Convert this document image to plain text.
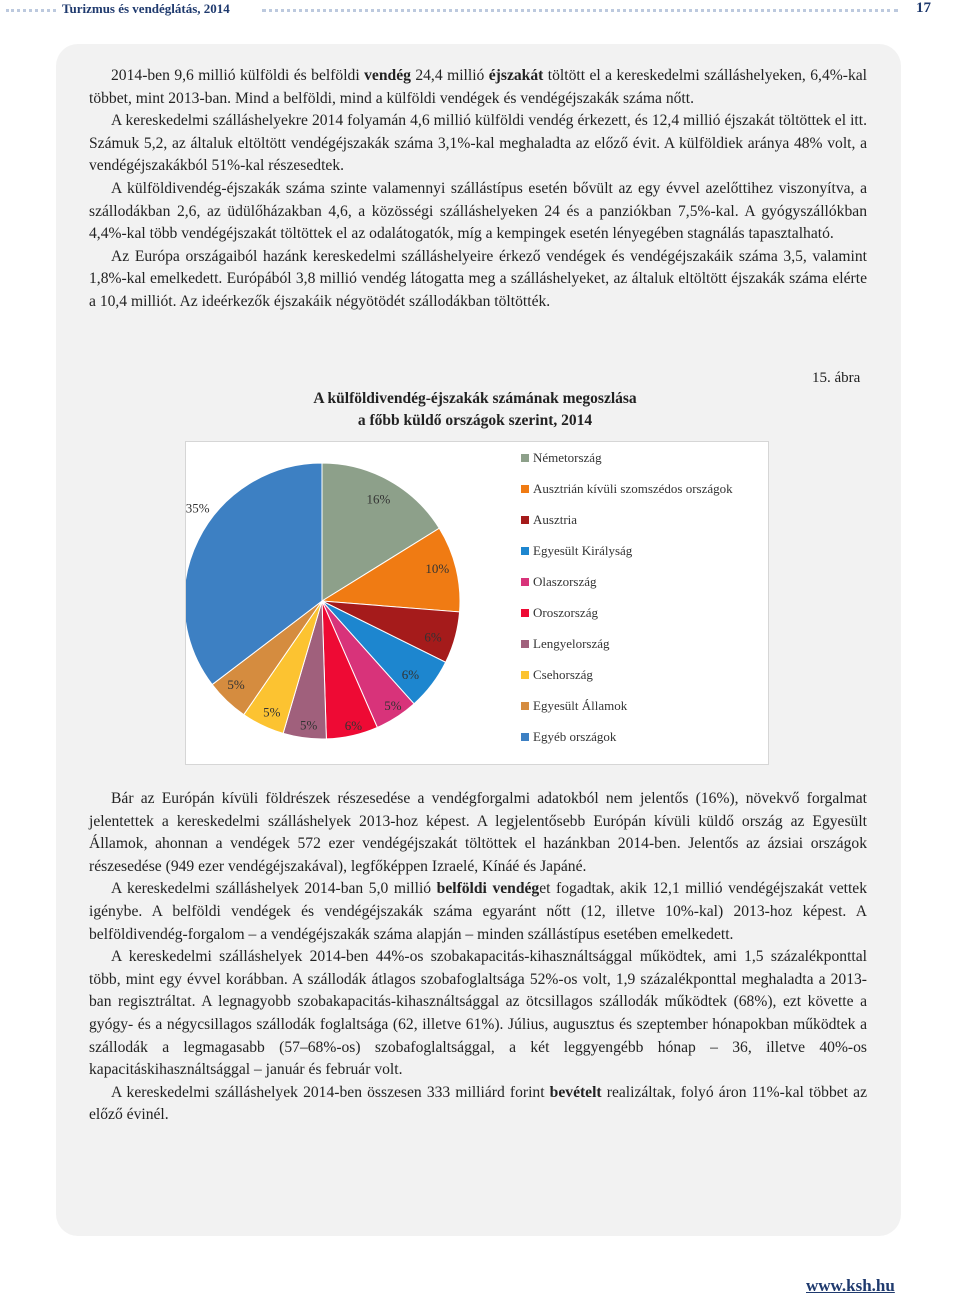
Turizmus és vendéglátás, 2014	17

2014-ben 9,6 millió külföldi és belföldi vendég 24,4 millió éjszakát töltött el a kereskedelmi szálláshelyeken, 6,4%-kal többet, mint 2013-ban. Mind a belföldi, mind a külföldi vendégek és vendégéjszakák száma nőtt.

A kereskedelmi szálláshelyekre 2014 folyamán 4,6 millió külföldi vendég érkezett, és 12,4 millió éjszakát töltöttek el itt. Számuk 5,2, az általuk eltöltött vendégéjszakák száma 3,1%-kal meghaladta az előző évit. A külföldiek aránya 48% volt, a vendégéjszakákból 51%-kal részesedtek.

A külföldivendég-éjszakák száma szinte valamennyi szállástípus esetén bővült az egy évvel azelőttihez viszonyítva, a szállodákban 2,6, az üdülőházakban 4,6, a közösségi szálláshelyeken 24 és a panziókban 7,5%-kal. A gyógyszállókban 4,4%-kal több vendégéjszakát töltöttek el az odalátogatók, míg a kempingek esetén lényegében stagnálás tapasztalható.

Az Európa országaiból hazánk kereskedelmi szálláshelyeire érkező vendégek és vendégéjszakáik száma 3,5, valamint 1,8%-kal emelkedett. Európából 3,8 millió vendég látogatta meg a szálláshelyeket, az általuk eltöltött éjszakák száma elérte a 10,4 milliót. Az ideérkezők éjszakáik négyötödét szállodákban töltötték.

15. ábra
A külföldivendég-éjszakák számának megoszlása
a főbb küldő országok szerint, 2014
16%
10%
6%
6%
5%
6%
5%
5%
5%
35%
Németország
Ausztrián kívüli szomszédos országok
Ausztria
Egyesült Királyság
Olaszország
Oroszország
Lengyelország
Csehország
Egyesült Államok
Egyéb országok

Bár az Európán kívüli földrészek részesedése a vendégforgalmi adatokból nem jelentős (16%), növekvő forgalmat jelentettek a kereskedelmi szálláshelyek 2013-hoz képest. A legjelentősebb Európán kívüli küldő ország az Egyesült Államok, ahonnan a vendégek 572 ezer vendégéjszakát töltöttek el hazánkban 2014-ben. Jelentős az ázsiai országok részesedése (949 ezer vendégéjszakával), legfőképpen Izraelé, Kínáé és Japáné.

A kereskedelmi szálláshelyek 2014-ban 5,0 millió belföldi vendéget fogadtak, akik 12,1 millió vendégéjszakát vettek igénybe. A belföldi vendégek és vendégéjszakák száma egyaránt nőtt (12, illetve 10%-kal) 2013-hoz képest. A belföldivendég-forgalom – a vendégéjszakák száma alapján – minden szállástípus esetében emelkedett.

A kereskedelmi szálláshelyek 2014-ben 44%-os szobakapacitás-kihasználtsággal működtek, ami 1,5 százalékponttal több, mint egy évvel korábban. A szállodák átlagos szobafoglaltsága 52%-os volt, 1,9 százalékponttal meghaladta a 2013-ban regisztráltat. A legnagyobb szobakapacitás-kihasználtsággal az ötcsillagos szállodák működtek (68%), ezt követte a gyógy- és a négycsillagos szállodák foglaltsága (62, illetve 61%). Július, augusztus és szeptember hónapokban működtek a szállodák a legmagasabb (57–68%-os) szobafoglaltsággal, a két leggyengébb hónap – 36, illetve 40%-os kapacitáskihasználtsággal – január és február volt.

A kereskedelmi szálláshelyek 2014-ben összesen 333 milliárd forint bevételt realizáltak, folyó áron 11%-kal többet az előző évinél.

www.ksh.hu
